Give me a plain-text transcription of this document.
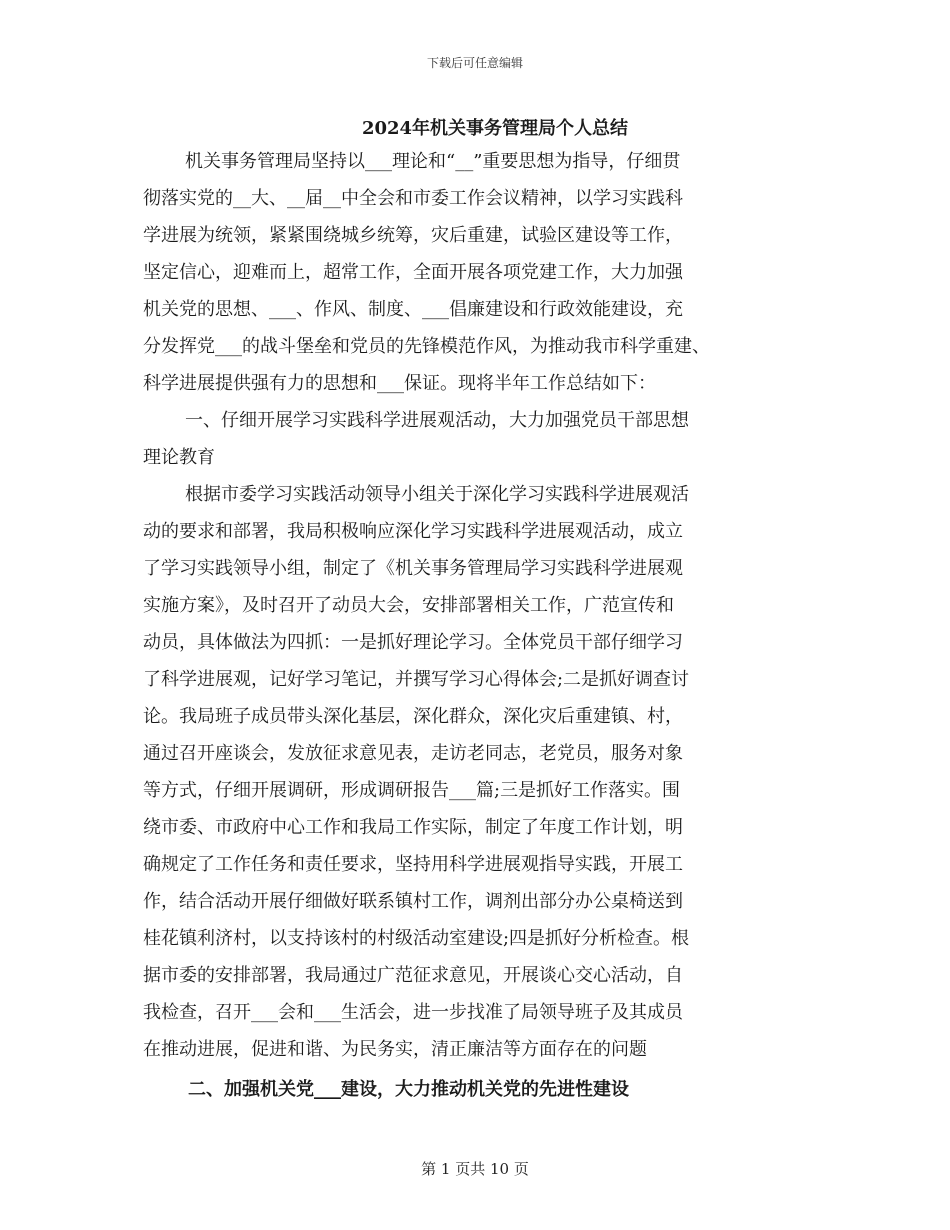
下载后可任意编辑
2024年机关事务管理局个人总结
机关事务管理局坚持以___理论和“__”重要思想为指导，仔细贯
彻落实党的__大、__届__中全会和市委工作会议精神，以学习实践科
学进展为统领，紧紧围绕城乡统筹，灾后重建，试验区建设等工作，
坚定信心，迎难而上，超常工作，全面开展各项党建工作，大力加强
机关党的思想、___、作风、制度、___倡廉建设和行政效能建设，充
分发挥党___的战斗堡垒和党员的先锋模范作风，为推动我市科学重建、
科学进展提供强有力的思想和___保证。现将半年工作总结如下：
一、仔细开展学习实践科学进展观活动，大力加强党员干部思想
理论教育
根据市委学习实践活动领导小组关于深化学习实践科学进展观活
动的要求和部署，我局积极响应深化学习实践科学进展观活动，成立
了学习实践领导小组，制定了《机关事务管理局学习实践科学进展观
实施方案》，及时召开了动员大会，安排部署相关工作，广范宣传和
动员，具体做法为四抓：一是抓好理论学习。全体党员干部仔细学习
了科学进展观，记好学习笔记，并撰写学习心得体会;二是抓好调查讨
论。我局班子成员带头深化基层，深化群众，深化灾后重建镇、村，
通过召开座谈会，发放征求意见表，走访老同志，老党员，服务对象
等方式，仔细开展调研，形成调研报告___篇;三是抓好工作落实。围
绕市委、市政府中心工作和我局工作实际，制定了年度工作计划，明
确规定了工作任务和责任要求，坚持用科学进展观指导实践，开展工
作，结合活动开展仔细做好联系镇村工作，调剂出部分办公桌椅送到
桂花镇利济村，以支持该村的村级活动室建设;四是抓好分析检查。根
据市委的安排部署，我局通过广范征求意见，开展谈心交心活动，自
我检查，召开___会和___生活会，进一步找准了局领导班子及其成员
在推动进展，促进和谐、为民务实，清正廉洁等方面存在的问题
二、加强机关党___建设，大力推动机关党的先进性建设
第 1 页共 10 页
